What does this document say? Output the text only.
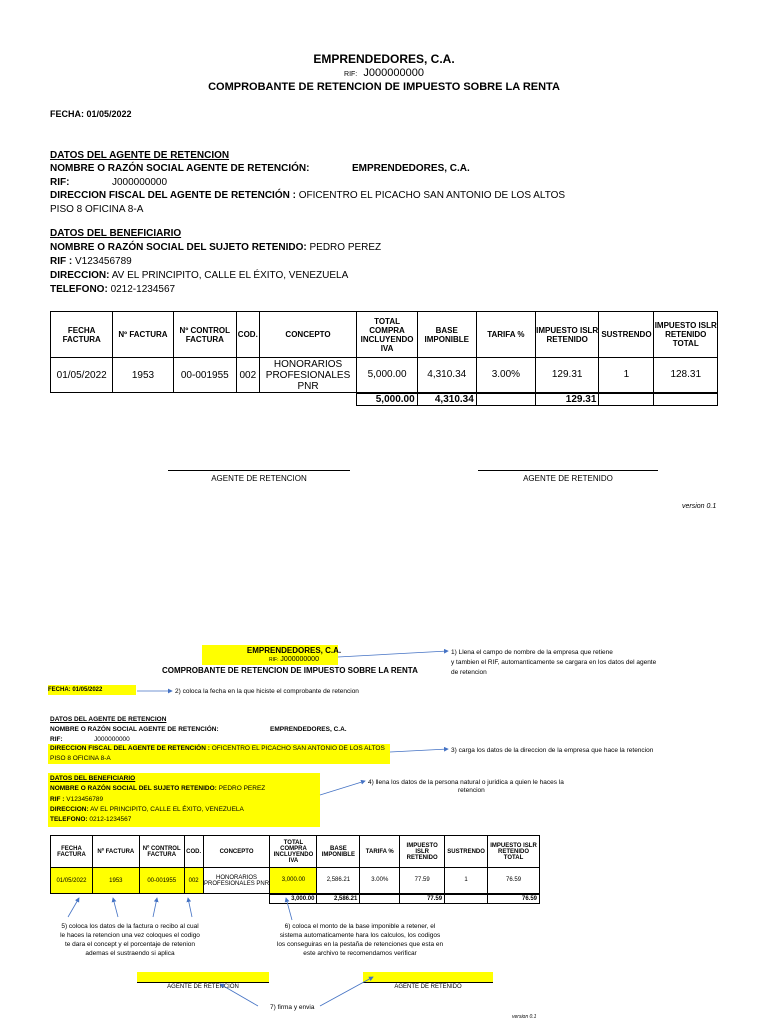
EMPRENDEDORES, C.A.
RIF: J000000000
COMPROBANTE DE RETENCION DE IMPUESTO SOBRE LA RENTA
FECHA: 01/05/2022
DATOS DEL AGENTE DE RETENCION
NOMBRE O RAZÓN SOCIAL AGENTE DE RETENCIÓN:	EMPRENDEDORES, C.A.
RIF:	J000000000
DIRECCION FISCAL DEL AGENTE DE RETENCIÓN : OFICENTRO EL PICACHO SAN ANTONIO DE LOS ALTOS
PISO 8 OFICINA 8-A
DATOS DEL BENEFICIARIO
NOMBRE O RAZÓN SOCIAL DEL SUJETO RETENIDO: PEDRO PEREZ
RIF : V123456789
DIRECCION: AV EL PRINCIPITO, CALLE EL ÉXITO, VENEZUELA
TELEFONO: 0212-1234567
FECHA FACTURA	Nº FACTURA	Nº CONTROL FACTURA	COD.	CONCEPTO	TOTAL COMPRA INCLUYENDO IVA	BASE IMPONIBLE	TARIFA %	IMPUESTO ISLR RETENIDO	SUSTRENDO	IMPUESTO ISLR RETENIDO TOTAL
01/05/2022	1953	00-001955	002	HONORARIOS PROFESIONALES PNR	5,000.00	4,310.34	3.00%	129.31	1	128.31
					5,000.00	4,310.34		129.31		
AGENTE DE RETENCION	AGENTE DE RETENIDO
version 0.1
EMPRENDEDORES, C.A.
RIF: J000000000
COMPROBANTE DE RETENCION DE IMPUESTO SOBRE LA RENTA
FECHA: 01/05/2022
DATOS DEL AGENTE DE RETENCION
NOMBRE O RAZÓN SOCIAL AGENTE DE RETENCIÓN:	EMPRENDEDORES, C.A.
RIF:	J000000000
DIRECCION FISCAL DEL AGENTE DE RETENCIÓN : OFICENTRO EL PICACHO SAN ANTONIO DE LOS ALTOS
PISO 8 OFICINA 8-A
DATOS DEL BENEFICIARIO
NOMBRE O RAZÓN SOCIAL DEL SUJETO RETENIDO: PEDRO PEREZ
RIF : V123456789
DIRECCION: AV EL PRINCIPITO, CALLE EL ÉXITO, VENEZUELA
TELEFONO: 0212-1234567
FECHA FACTURA	Nº FACTURA	Nº CONTROL FACTURA	COD.	CONCEPTO	TOTAL COMPRA INCLUYENDO IVA	BASE IMPONIBLE	TARIFA %	IMPUESTO ISLR RETENIDO	SUSTRENDO	IMPUESTO ISLR RETENIDO TOTAL
01/05/2022	1953	00-001955	002	HONORARIOS PROFESIONALES PNR	3,000.00	2,586.21	3.00%	77.59	1	76.59
					3,000.00	2,586.21		77.59		76.59
1) Llena el campo de nombre de la empresa que retiene
y tambien el RIF, automanticamente se cargara en los datos del agente
de retencion
2) coloca la fecha en la que hiciste el comprobante de retencion
3) carga los datos de la direccion de la empresa que hace la retencion
4) llena los datos de la persona natural o juridica a quien le haces la
retencion
5) coloca los datos de la factura o recibo al cual
le haces la retencion una vez coloques el codigo
te dara el concept y el porcentaje de retenion
ademas el sustraendo si aplica
6) coloca el monto de la base imponible a retener, el
sistema automaticamente hara los calculos, los codigos
los conseguiras en la pestaña de retenciones que esta en
este archivo te recomendamos verificar
AGENTE DE RETENCION	AGENTE DE RETENIDO
7) firma y envia
version 0.1
